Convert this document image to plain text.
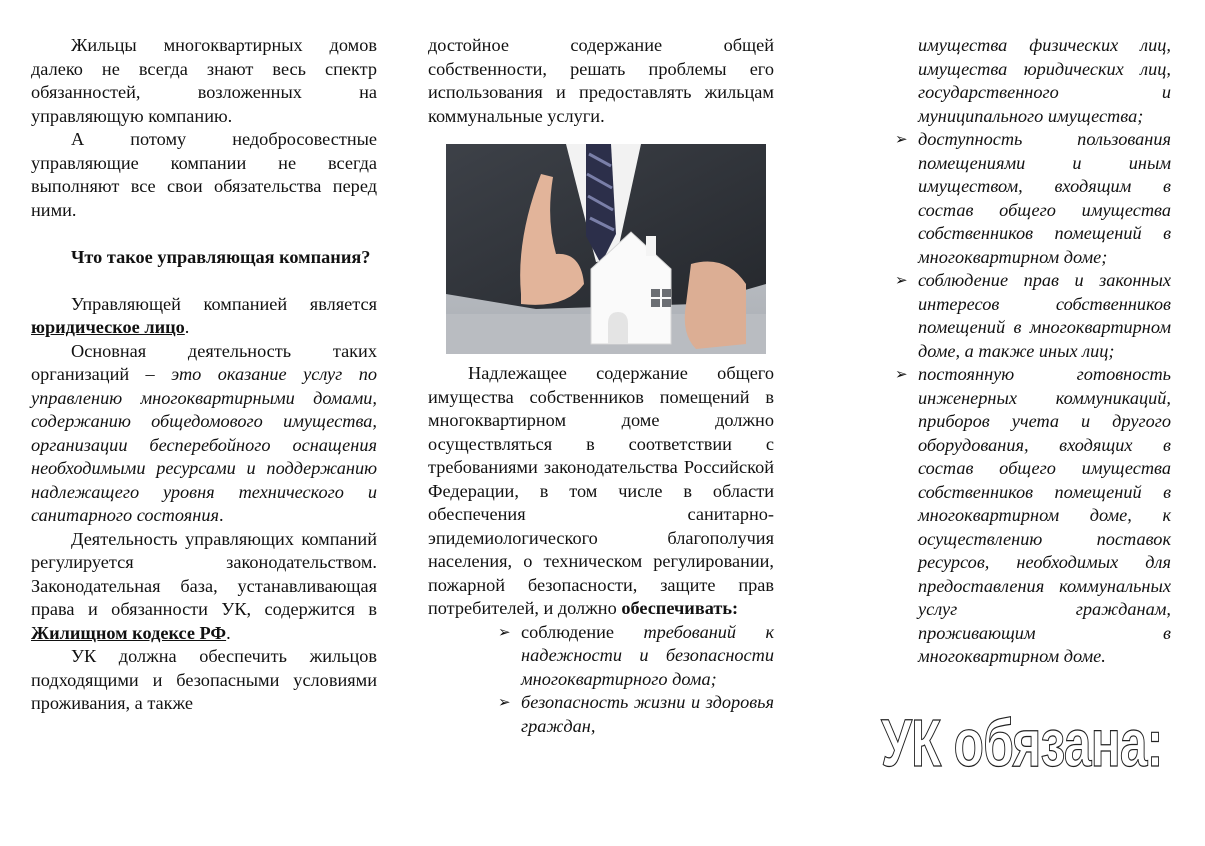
Жильцы многоквартирных домов далеко не всегда знают весь спектр обязанностей, возложенных на управляющую компанию.

А потому недобросовестные управляющие компании не всегда выполняют все свои обязательства перед ними.

Что такое управляющая компания?

Управляющей компанией является юридическое лицо.

Основная деятельность таких организаций – это оказание услуг по управлению многоквартирными домами, содержанию общедомового имущества, организации бесперебойного оснащения необходимыми ресурсами и поддержанию надлежащего уровня технического и санитарного состояния.

Деятельность управляющих компаний регулируется законодательством. Законодательная база, устанавливающая права и обязанности УК, содержится в Жилищном кодексе РФ.

УК должна обеспечить жильцов подходящими и безопасными условиями проживания, а также

достойное содержание общей собственности, решать проблемы его использования и предоставлять жильцам коммунальные услуги.

Надлежащее содержание общего имущества собственников помещений в многоквартирном доме должно осуществляться в соответствии с требованиями законодательства Российской Федерации, в том числе в области обеспечения санитарно-эпидемиологического благополучия населения, о техническом регулировании, пожарной безопасности, защите прав потребителей, и должно обеспечивать:

➢ соблюдение требований к надежности и безопасности многоквартирного дома;
➢ безопасность жизни и здоровья граждан,

имущества физических лиц, имущества юридических лиц, государственного и муниципального имущества;

➢ доступность пользования помещениями и иным имуществом, входящим в состав общего имущества собственников помещений в многоквартирном доме;
➢ соблюдение прав и законных интересов собственников помещений в многоквартирном доме, а также иных лиц;
➢ постоянную готовность инженерных коммуникаций, приборов учета и другого оборудования, входящих в состав общего имущества собственников помещений в многоквартирном доме, к осуществлению поставок ресурсов, необходимых для предоставления коммунальных услуг гражданам, проживающим в многоквартирном доме.
УК обязана:
